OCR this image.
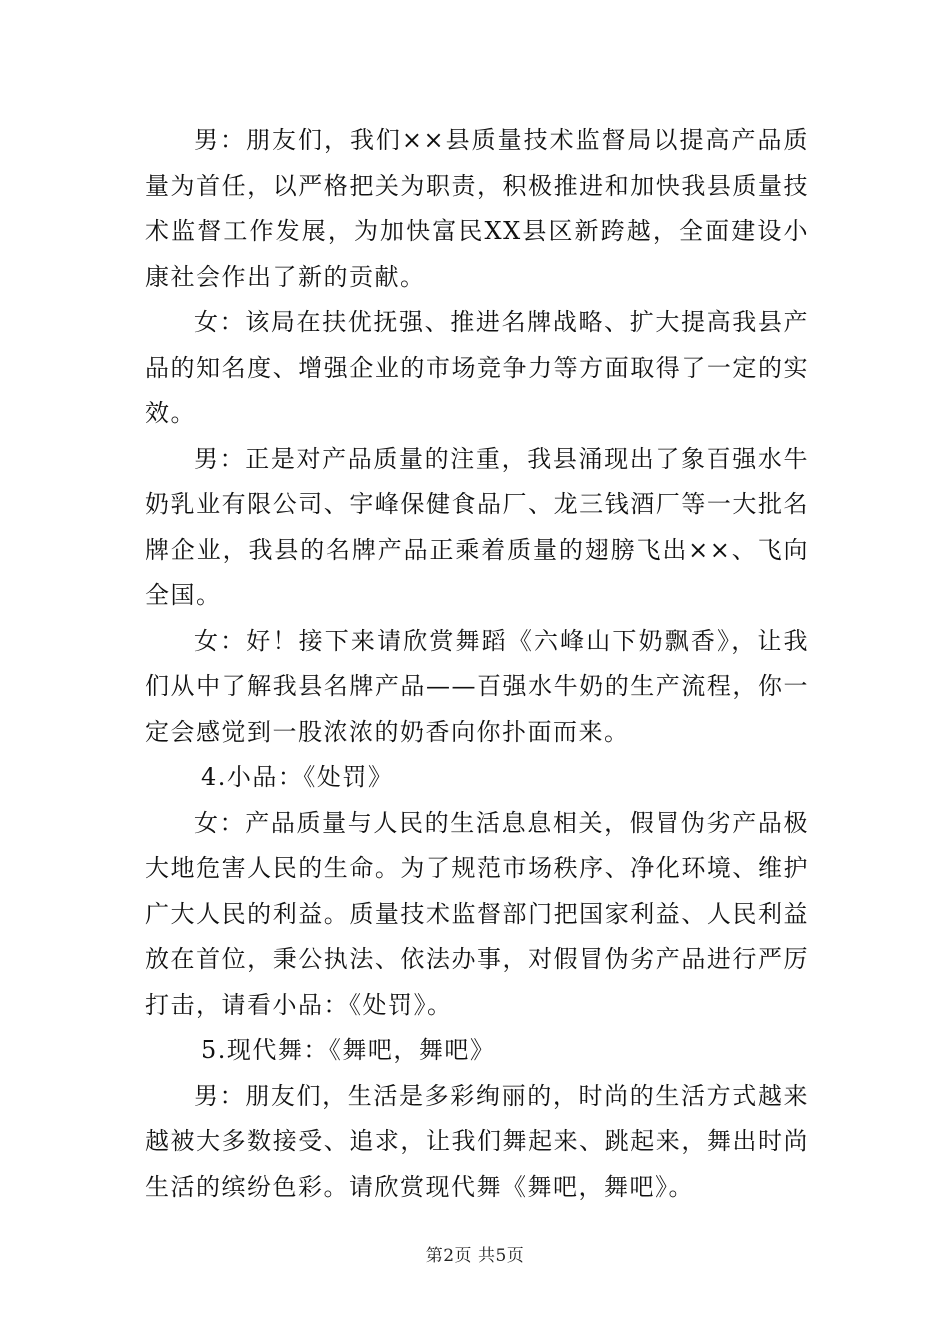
男：朋友们，我们××县质量技术监督局以提高产品质量为首任，以严格把关为职责，积极推进和加快我县质量技术监督工作发展，为加快富民XX县区新跨越，全面建设小康社会作出了新的贡献。

女：该局在扶优抚强、推进名牌战略、扩大提高我县产品的知名度、增强企业的市场竞争力等方面取得了一定的实效。

男：正是对产品质量的注重，我县涌现出了象百强水牛奶乳业有限公司、宇峰保健食品厂、龙三钱酒厂等一大批名牌企业，我县的名牌产品正乘着质量的翅膀飞出××、飞向全国。

女：好！接下来请欣赏舞蹈《六峰山下奶飘香》，让我们从中了解我县名牌产品——百强水牛奶的生产流程，你一定会感觉到一股浓浓的奶香向你扑面而来。

4.小品：《处罚》

女：产品质量与人民的生活息息相关，假冒伪劣产品极大地危害人民的生命。为了规范市场秩序、净化环境、维护广大人民的利益。质量技术监督部门把国家利益、人民利益放在首位，秉公执法、依法办事，对假冒伪劣产品进行严厉打击，请看小品：《处罚》。

5.现代舞：《舞吧，舞吧》

男：朋友们，生活是多彩绚丽的，时尚的生活方式越来越被大多数接受、追求，让我们舞起来、跳起来，舞出时尚生活的缤纷色彩。请欣赏现代舞《舞吧，舞吧》。

第2页 共5页
